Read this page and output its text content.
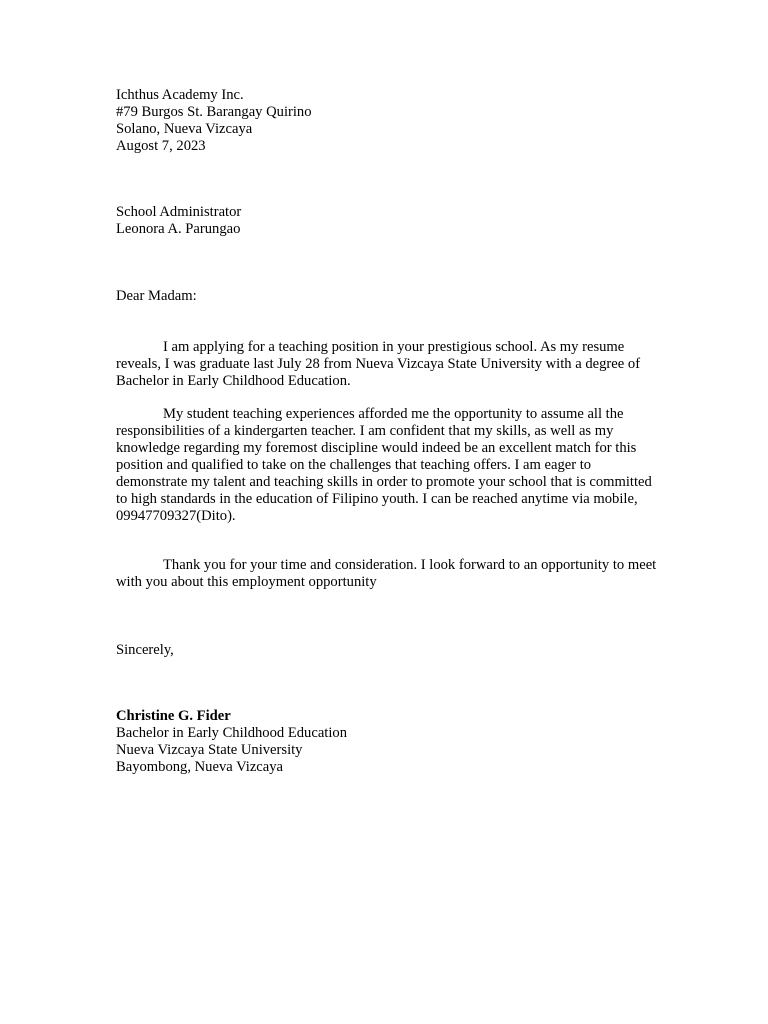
Ichthus Academy Inc.
#79 Burgos St. Barangay Quirino
Solano, Nueva Vizcaya
Augost 7, 2023
School Administrator
Leonora A. Parungao
Dear Madam:
I am applying for a teaching position in your prestigious school. As my resume reveals, I was graduate last July 28 from Nueva Vizcaya State University with a degree of Bachelor in Early Childhood Education.
My student teaching experiences afforded me the opportunity to assume all the responsibilities of a kindergarten teacher. I am confident that my skills, as well as my knowledge regarding my foremost discipline would indeed be an excellent match for this position and qualified to take on the challenges that teaching offers. I am eager to demonstrate my talent and teaching skills in order to promote your school that is committed to high standards in the education of Filipino youth. I can be reached anytime via mobile, 09947709327(Dito).
Thank you for your time and consideration. I look forward to an opportunity to meet with you about this employment opportunity
Sincerely,
Christine G. Fider
Bachelor in Early Childhood Education
Nueva Vizcaya State University
Bayombong, Nueva Vizcaya
